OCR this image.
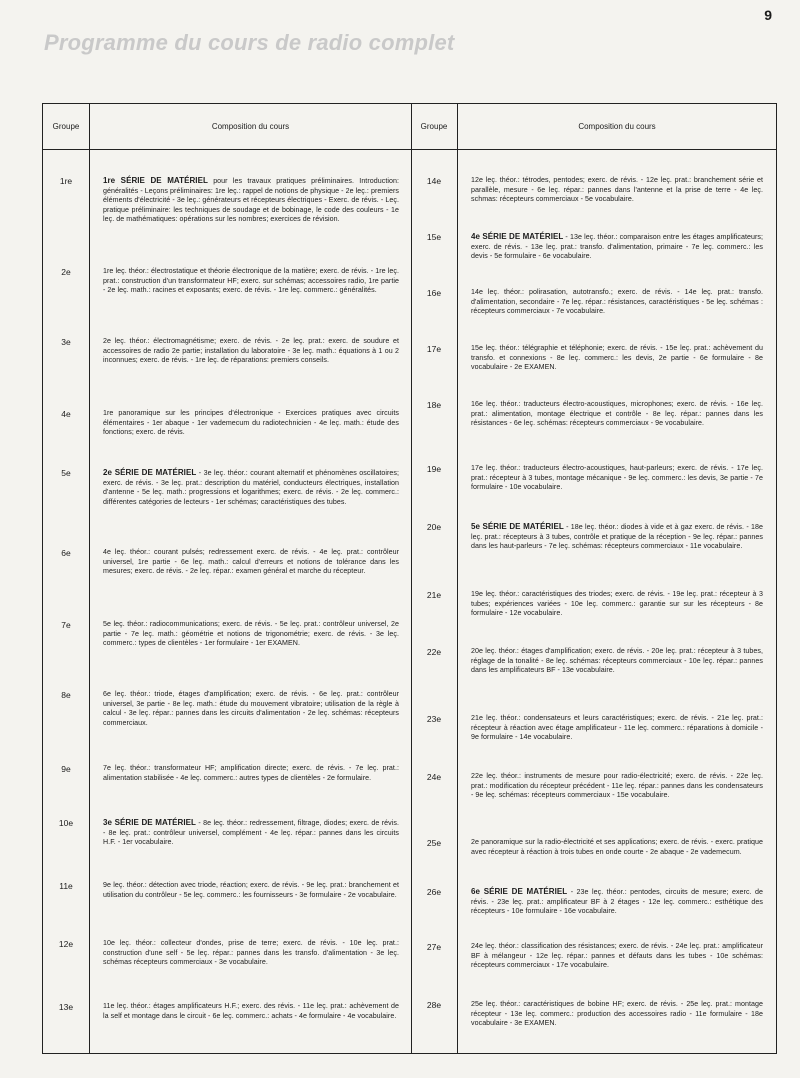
9
Programme du cours de radio complet
Groupe	Composition du cours
1re	1re SÉRIE DE MATÉRIEL pour les travaux pratiques préliminaires. Introduction: généralités - Leçons préliminaires: 1re leç.: rappel de notions de physique - 2e leç.: premiers éléments d'électricité - 3e leç.: générateurs et récepteurs électriques - Exerc. de révis. - Leç. pratique préliminaire: les techniques de soudage et de bobinage, le code des couleurs - 1e leç. de mathématiques: opérations sur les nombres; exercices de révision.
2e	1re leç. théor.: électrostatique et théorie électronique de la matière; exerc. de révis. - 1re leç. prat.: construction d'un transformateur HF; exerc. sur schémas; accessoires radio, 1re partie - 2e leç. math.: racines et exposants; exerc. de révis. - 1re leç. commerc.: généralités.
3e	2e leç. théor.: électromagnétisme; exerc. de révis. - 2e leç. prat.: exerc. de soudure et accessoires de radio 2e partie; installation du laboratoire - 3e leç. math.: équations à 1 ou 2 inconnues; exerc. de révis. - 1re leç. de réparations: premiers conseils.
4e	1re panoramique sur les principes d'électronique - Exercices pratiques avec circuits élémentaires - 1er abaque - 1er vademecum du radiotechnicien - 4e leç. math.: étude des fonctions; exerc. de révis.
5e	2e SÉRIE DE MATÉRIEL - 3e leç. théor.: courant alternatif et phénomènes oscillatoires; exerc. de révis. - 3e leç. prat.: description du matériel, conducteurs électriques, installation d'antenne - 5e leç. math.: progressions et logarithmes; exerc. de révis. - 2e leç. commerc.: différentes catégories de lecteurs - 1er schémas; caractéristiques des tubes.
6e	4e leç. théor.: courant pulsés; redressement exerc. de révis. - 4e leç. prat.: contrôleur universel, 1re partie - 6e leç. math.: calcul d'erreurs et notions de tolérance dans les mesures; exerc. de révis. - 2e leç. répar.: examen général et marche du récepteur.
7e	5e leç. théor.: radiocommunications; exerc. de révis. - 5e leç. prat.: contrôleur universel, 2e partie - 7e leç. math.: géométrie et notions de trigonométrie; exerc. de révis. - 3e leç. commerc.: types de clientèles - 1er formulaire - 1er EXAMEN.
8e	6e leç. théor.: triode, étages d'amplification; exerc. de révis. - 6e leç. prat.: contrôleur universel, 3e partie - 8e leç. math.: étude du mouvement vibratoire; utilisation de la règle à calcul - 3e leç. répar.: pannes dans les circuits d'alimentation - 2e leç. schémas: récepteurs commerciaux.
9e	7e leç. théor.: transformateur HF; amplification directe; exerc. de révis. - 7e leç. prat.: alimentation stabilisée - 4e leç. commerc.: autres types de clientèles - 2e formulaire.
10e	3e SÉRIE DE MATÉRIEL - 8e leç. théor.: redressement, filtrage, diodes; exerc. de révis. - 8e leç. prat.: contrôleur universel, complément - 4e leç. répar.: pannes dans les circuits H.F. - 1er vocabulaire.
11e	9e leç. théor.: détection avec triode, réaction; exerc. de révis. - 9e leç. prat.: branchement et utilisation du contrôleur - 5e leç. commerc.: les fournisseurs - 3e formulaire - 2e vocabulaire.
12e	10e leç. théor.: collecteur d'ondes, prise de terre; exerc. de révis. - 10e leç. prat.: construction d'une self - 5e leç. répar.: pannes dans les transfo. d'alimentation - 3e leç. schémas récepteurs commerciaux - 3e vocabulaire.
13e	11e leç. théor.: étages amplificateurs H.F.; exerc. des révis. - 11e leç. prat.: achèvement de la self et montage dans le circuit - 6e leç. commerc.: achats - 4e formulaire - 4e vocabulaire.
Groupe	Composition du cours
14e	12e leç. théor.: tétrodes, pentodes; exerc. de révis. - 12e leç. prat.: branchement série et parallèle, mesure - 6e leç. répar.: pannes dans l'antenne et la prise de terre - 4e leç. schmas: récepteurs commerciaux - 5e vocabulaire.
15e	4e SÉRIE DE MATÉRIEL - 13e leç. théor.: comparaison entre les étages amplificateurs; exerc. de révis. - 13e leç. prat.: transfo. d'alimentation, primaire - 7e leç. commerc.: les devis - 5e formulaire - 6e vocabulaire.
16e	14e leç. théor.: polirasation, autotransfo.; exerc. de révis. - 14e leç. prat.: transfo. d'alimentation, secondaire - 7e leç. répar.: résistances, caractéristiques - 5e leç. schémas : récepteurs commerciaux - 7e vocabulaire.
17e	15e leç. théor.: télégraphie et téléphonie; exerc. de révis. - 15e leç. prat.: achèvement du transfo. et connexions - 8e leç. commerc.: les devis, 2e partie - 6e formulaire - 8e vocabulaire - 2e EXAMEN.
18e	16e leç. théor.: traducteurs électro-acoustiques, microphones; exerc. de révis. - 16e leç. prat.: alimentation, montage électrique et contrôle - 8e leç. répar.: pannes dans les résistances - 6e leç. schémas: récepteurs commerciaux - 9e vocabulaire.
19e	17e leç. théor.: traducteurs électro-acoustiques, haut-parleurs; exerc. de révis. - 17e leç. prat.: récepteur à 3 tubes, montage mécanique - 9e leç. commerc.: les devis, 3e partie - 7e formulaire - 10e vocabulaire.
20e	5e SÉRIE DE MATÉRIEL - 18e leç. théor.: diodes à vide et à gaz exerc. de révis. - 18e leç. prat.: récepteurs à 3 tubes, contrôle et pratique de la réception - 9e leç. répar.: pannes dans les haut-parleurs - 7e leç. schémas: récepteurs commerciaux - 11e vocabulaire.
21e	19e leç. théor.: caractéristiques des triodes; exerc. de révis. - 19e leç. prat.: récepteur à 3 tubes; expériences variées - 10e leç. commerc.: garantie sur sur les récepteurs - 8e formulaire - 12e vocabulaire.
22e	20e leç. théor.: étages d'amplification; exerc. de révis. - 20e leç. prat.: récepteur à 3 tubes, réglage de la tonalité - 8e leç. schémas: récepteurs commerciaux - 10e leç. répar.: pannes dans les amplificateurs BF - 13e vocabulaire.
23e	21e leç. théor.: condensateurs et leurs caractéristiques; exerc. de révis. - 21e leç. prat.: récepteur à réaction avec étage amplificateur - 11e leç. commerc.: réparations à domicile - 9e formulaire - 14e vocabulaire.
24e	22e leç. théor.: instruments de mesure pour radio-électricité; exerc. de révis. - 22e leç. prat.: modification du récepteur précédent - 11e leç. répar.: pannes dans les condensateurs - 9e leç. schémas: récepteurs commerciaux - 15e vocabulaire.
25e	2e panoramique sur la radio-électricité et ses applications; exerc. de révis. - exerc. pratique avec récepteur à réaction à trois tubes en onde courte - 2e abaque - 2e vademecum.
26e	6e SÉRIE DE MATÉRIEL - 23e leç. théor.: pentodes, circuits de mesure; exerc. de révis. - 23e leç. prat.: amplificateur BF à 2 étages - 12e leç. commerc.: esthétique des récepteurs - 10e formulaire - 16e vocabulaire.
27e	24e leç. théor.: classification des résistances; exerc. de révis. - 24e leç. prat.: amplificateur BF à mélangeur - 12e leç. répar.: pannes et défauts dans les tubes - 10e schémas: récepteurs commerciaux - 17e vocabulaire.
28e	25e leç. théor.: caractéristiques de bobine HF; exerc. de révis. - 25e leç. prat.: montage récepteur - 13e leç. commerc.: production des accessoires radio - 11e formulaire - 18e vocabulaire - 3e EXAMEN.
